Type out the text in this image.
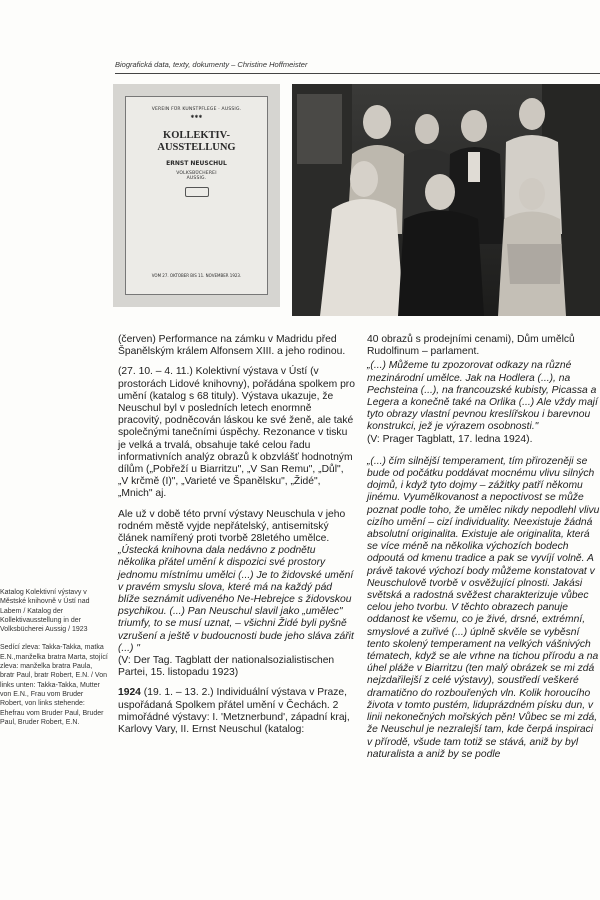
Biografická data, texty, dokumenty – Christine Hoffmeister
VEREIN FÜR KUNSTPFLEGE · AUSSIG.
✱✱✱
KOLLEKTIV-
AUSSTELLUNG
ERNST NEUSCHUL
VOLKSBÜCHEREI
AUSSIG.
VOM 27. OKTOBER BIS 11. NOVEMBER 1923.

(červen) Performance na zámku v Madridu před Španělským králem Alfonsem XIII. a jeho rodinou.

(27. 10. – 4. 11.) Kolektivní výstava v Ústí (v prostorách Lidové knihovny), pořádána spolkem pro umění (katalog s 68 tituly). Výstava ukazuje, že Neuschul byl v posledních letech enormně pracovitý, podněcován láskou ke své ženě, ale také společnými tanečními úspěchy. Rezonance v tisku je velká a trvalá, obsahuje také celou řadu informativních analýz obrazů k obzvlášť hodnotným dílům („Pobřeží u Biarritzu", „V San Remu", „Důl", „V krčmě (I)", „Varieté ve Španělsku", „Židé", „Mnich" aj.

Ale už v době této první výstavy Neuschula v jeho rodném městě vyjde nepřátelský, antisemitský článek namířený proti tvorbě 28letého umělce.

„Ústecká knihovna dala nedávno z podnětu několika přátel umění k dispozici své prostory jednomu místnímu umělci (...) Je to židovské umění v pravém smyslu slova, které má na každý pád blíže seznámit udiveného Ne-Hebrejce s židovskou psychikou. (...) Pan Neuschul slavil jako „umělec" triumfy, to se musí uznat, – všichni Židé byli pyšně vzrušení a ještě v budoucnosti bude jeho sláva zářit (...) "

(V: Der Tag. Tagblatt der nationalsozialistischen Partei, 15. listopadu 1923)

1924 (19. 1. – 13. 2.) Individuální výstava v Praze, uspořádaná Spolkem přátel umění v Čechách. 2 mimořádné výstavy: I. 'Metznerbund', západní kraj, Karlovy Vary, II. Ernst Neuschul (katalog:

40 obrazů s prodejními cenami), Dům umělců Rudolfinum – parlament.

„(...) Můžeme tu zpozorovat odkazy na různé mezinárodní umělce. Jak na Hodlera (...), na Pechsteina (...), na francouzské kubisty, Picassa a Legera a konečně také na Orlika (...) Ale vždy mají tyto obrazy vlastní pevnou kreslířskou i barevnou konstrukci, jež je výrazem osobnosti."

(V: Prager Tagblatt, 17. ledna 1924).

„(...) čím silnější temperament, tím přirozeněji se bude od počátku poddávat mocnému vlivu silných dojmů, i když tyto dojmy – zážitky patří někomu jinému. Vyumělkovanost a nepoctivost se může poznat podle toho, že umělec nikdy nepodlehl vlivu cizího umění – cizí individuality. Neexistuje žádná absolutní originalita. Existuje ale originalita, která se více méně na několika výchozích bodech odpoutá od kmenu tradice a pak se vyvíjí volně. A právě takové výchozí body můžeme konstatovat v Neuschulově tvorbě v osvěžující plnosti. Jakási světská a radostná svěžest charakterizuje vůbec celou jeho tvorbu. V těchto obrazech panuje oddanost ke všemu, co je živé, drsné, extrémní, smyslové a zuřivé (...) úplně skvěle se vyběsní tento skolený temperament na velkých vášnivých tématech, když se ale vrhne na tichou přírodu a na úhel pláže v Biarritzu (ten malý obrázek se mi zdá nejzdařilejší z celé výstavy), soustředí veškeré dramatično do rozbouřených vln. Kolik horoucího života v tomto pustém, liduprázdném písku dun, v linii nekonečných mořských pěn! Vůbec se mi zdá, že Neuschul je nezralejší tam, kde čerpá inspiraci v přírodě, všude tam totiž se stává, aniž by byl naturalista a aniž by se podle

Katalog Kolektivní výstavy v Městské knihovně v Ústí nad Labem / Katalog der Kollektivausstellung in der Volksbücherei Aussig / 1923

Sedící zleva: Takka-Takka, matka E.N.,manželka bratra Marta, stojící zleva: manželka bratra Paula, bratr Paul, bratr Robert, E.N. / Von links unten: Takka-Takka, Mutter von E.N., Frau vom Bruder Robert, von links stehende: Ehefrau vom Bruder Paul, Bruder Paul, Bruder Robert, E.N.
